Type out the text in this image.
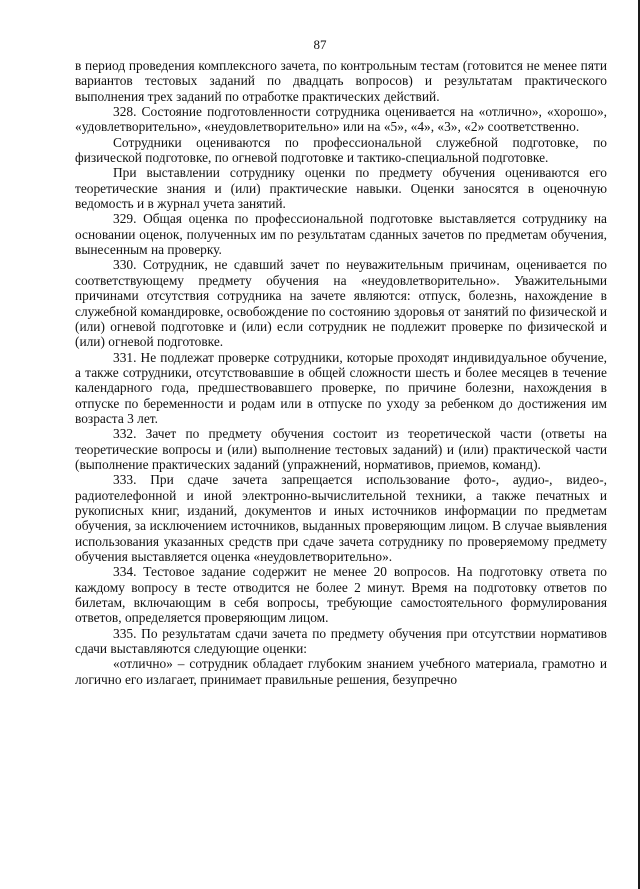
87

в период проведения комплексного зачета, по контрольным тестам (готовится не менее пяти вариантов тестовых заданий по двадцать вопросов) и результатам практического выполнения трех заданий по отработке практических действий.

328. Состояние подготовленности сотрудника оценивается на «отлично», «хорошо», «удовлетворительно», «неудовлетворительно» или на «5», «4», «3», «2» соответственно.

Сотрудники оцениваются по профессиональной служебной подготовке, по физической подготовке, по огневой подготовке и тактико-специальной подготовке.

При выставлении сотруднику оценки по предмету обучения оцениваются его теоретические знания и (или) практические навыки. Оценки заносятся в оценочную ведомость и в журнал учета занятий.

329. Общая оценка по профессиональной подготовке выставляется сотруднику на основании оценок, полученных им по результатам сданных зачетов по предметам обучения, вынесенным на проверку.

330. Сотрудник, не сдавший зачет по неуважительным причинам, оценивается по соответствующему предмету обучения на «неудовлетворительно». Уважительными причинами отсутствия сотрудника на зачете являются: отпуск, болезнь, нахождение в служебной командировке, освобождение по состоянию здоровья от занятий по физической и (или) огневой подготовке и (или) если сотрудник не подлежит проверке по физической и (или) огневой подготовке.

331. Не подлежат проверке сотрудники, которые проходят индивидуальное обучение, а также сотрудники, отсутствовавшие в общей сложности шесть и более месяцев в течение календарного года, предшествовавшего проверке, по причине болезни, нахождения в отпуске по беременности и родам или в отпуске по уходу за ребенком до достижения им возраста 3 лет.

332. Зачет по предмету обучения состоит из теоретической части (ответы на теоретические вопросы и (или) выполнение тестовых заданий) и (или) практической части (выполнение практических заданий (упражнений, нормативов, приемов, команд).

333. При сдаче зачета запрещается использование фото-, аудио-, видео-, радиотелефонной и иной электронно-вычислительной техники, а также печатных и рукописных книг, изданий, документов и иных источников информации по предметам обучения, за исключением источников, выданных проверяющим лицом. В случае выявления использования указанных средств при сдаче зачета сотруднику по проверяемому предмету обучения выставляется оценка «неудовлетворительно».

334. Тестовое задание содержит не менее 20 вопросов. На подготовку ответа по каждому вопросу в тесте отводится не более 2 минут. Время на подготовку ответов по билетам, включающим в себя вопросы, требующие самостоятельного формулирования ответов, определяется проверяющим лицом.

335. По результатам сдачи зачета по предмету обучения при отсутствии нормативов сдачи выставляются следующие оценки:

«отлично» – сотрудник обладает глубоким знанием учебного материала, грамотно и логично его излагает, принимает правильные решения, безупречно
